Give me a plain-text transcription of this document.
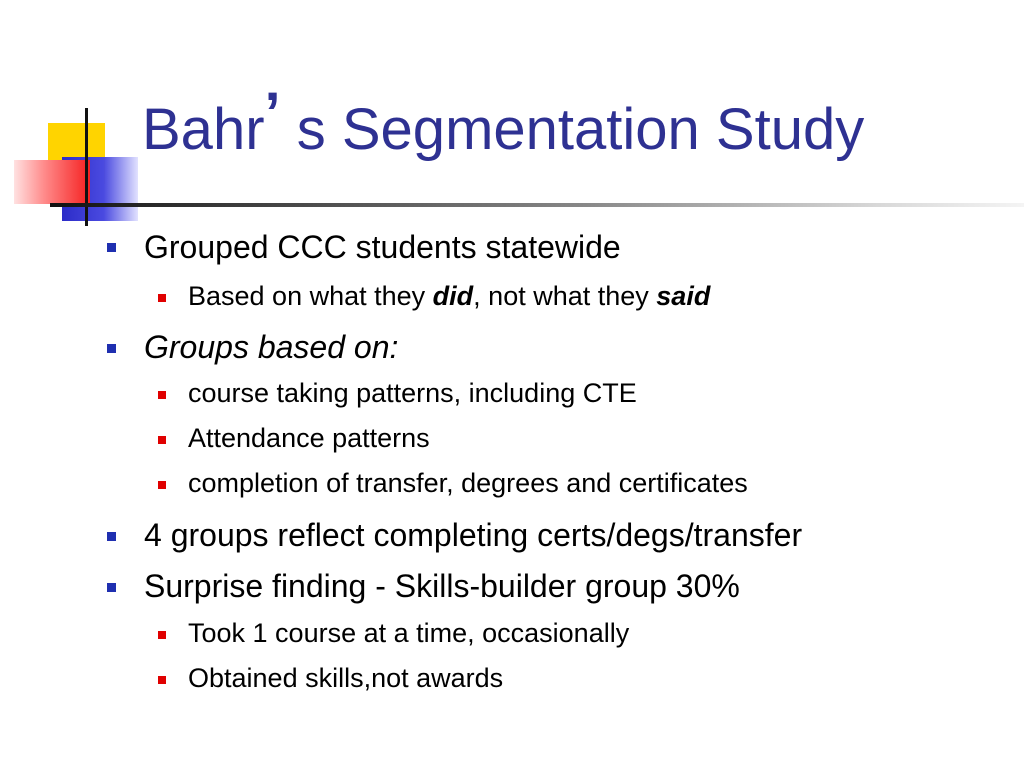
Bahr’ s Segmentation Study
Grouped CCC students statewide
Based on what they did, not what they said
Groups based on:
course taking patterns, including CTE
Attendance patterns
completion of transfer, degrees and certificates
4 groups reflect completing certs/degs/transfer
Surprise finding - Skills-builder group 30%
Took 1 course at a time, occasionally
Obtained skills,not awards
